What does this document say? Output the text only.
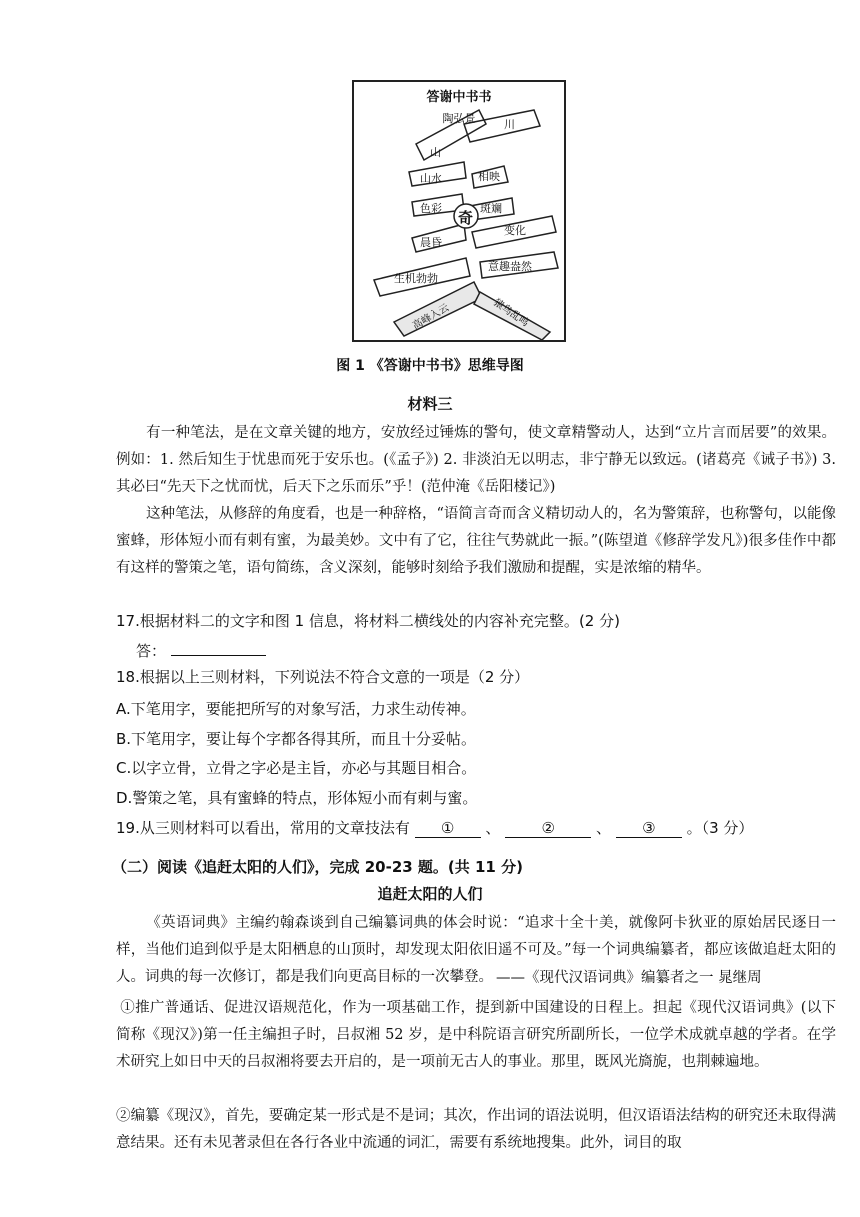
答谢中书书
陶弘景
山
川
山水	相映
色彩	斑斓
晨昏
变化
生机勃勃
意趣盎然
高峰入云	猿鸟乱鸣
奇
图 1 《答谢中书书》思维导图
材料三
有一种笔法，是在文章关键的地方，安放经过锤炼的警句，使文章精警动人，达到“立片言而居要”的效果。例如：1. 然后知生于忧患而死于安乐也。(《孟子》) 2. 非淡泊无以明志，非宁静无以致远。(诸葛亮《诫子书》) 3. 其必曰“先天下之忧而忧，后天下之乐而乐”乎！(范仲淹《岳阳楼记》)
这种笔法，从修辞的角度看，也是一种辞格，“语简言奇而含义精切动人的，名为警策辞，也称警句，以能像蜜蜂，形体短小而有刺有蜜，为最美妙。文中有了它，往往气势就此一振。”(陈望道《修辞学发凡》)很多佳作中都有这样的警策之笔，语句简练，含义深刻，能够时刻给予我们激励和提醒，实是浓缩的精华。
17.根据材料二的文字和图 1 信息，将材料二横线处的内容补充完整。(2 分)
答：
18.根据以上三则材料，下列说法不符合文意的一项是（2 分）
A.下笔用字，要能把所写的对象写活，力求生动传神。
B.下笔用字，要让每个字都各得其所，而且十分妥帖。
C.以字立骨，立骨之字必是主旨，亦必与其题目相合。
D.警策之笔，具有蜜蜂的特点，形体短小而有刺与蜜。
19.从三则材料可以看出，常用的文章技法有 ① 、	②	、 ③ 。（3 分）
（二）阅读《追赶太阳的人们》，完成 20-23 题。(共 11 分)
追赶太阳的人们
《英语词典》主编约翰森谈到自己编纂词典的体会时说：“追求十全十美，就像阿卡狄亚的原始居民逐日一样，当他们追到似乎是太阳栖息的山顶时，却发现太阳依旧遥不可及。”每一个词典编纂者，都应该做追赶太阳的人。词典的每一次修订，都是我们向更高目标的一次攀登。 ——《现代汉语词典》编纂者之一 晁继周
①推广普通话、促进汉语规范化，作为一项基础工作，提到新中国建设的日程上。担起《现代汉语词典》(以下简称《现汉》)第一任主编担子时，吕叔湘 52 岁，是中科院语言研究所副所长，一位学术成就卓越的学者。在学术研究上如日中天的吕叔湘将要去开启的，是一项前无古人的事业。那里，既风光旖旎，也荆棘遍地。
②编纂《现汉》，首先，要确定某一形式是不是词；其次，作出词的语法说明，但汉语语法结构的研究还未取得满意结果。还有未见著录但在各行各业中流通的词汇，需要有系统地搜集。此外，词目的取
